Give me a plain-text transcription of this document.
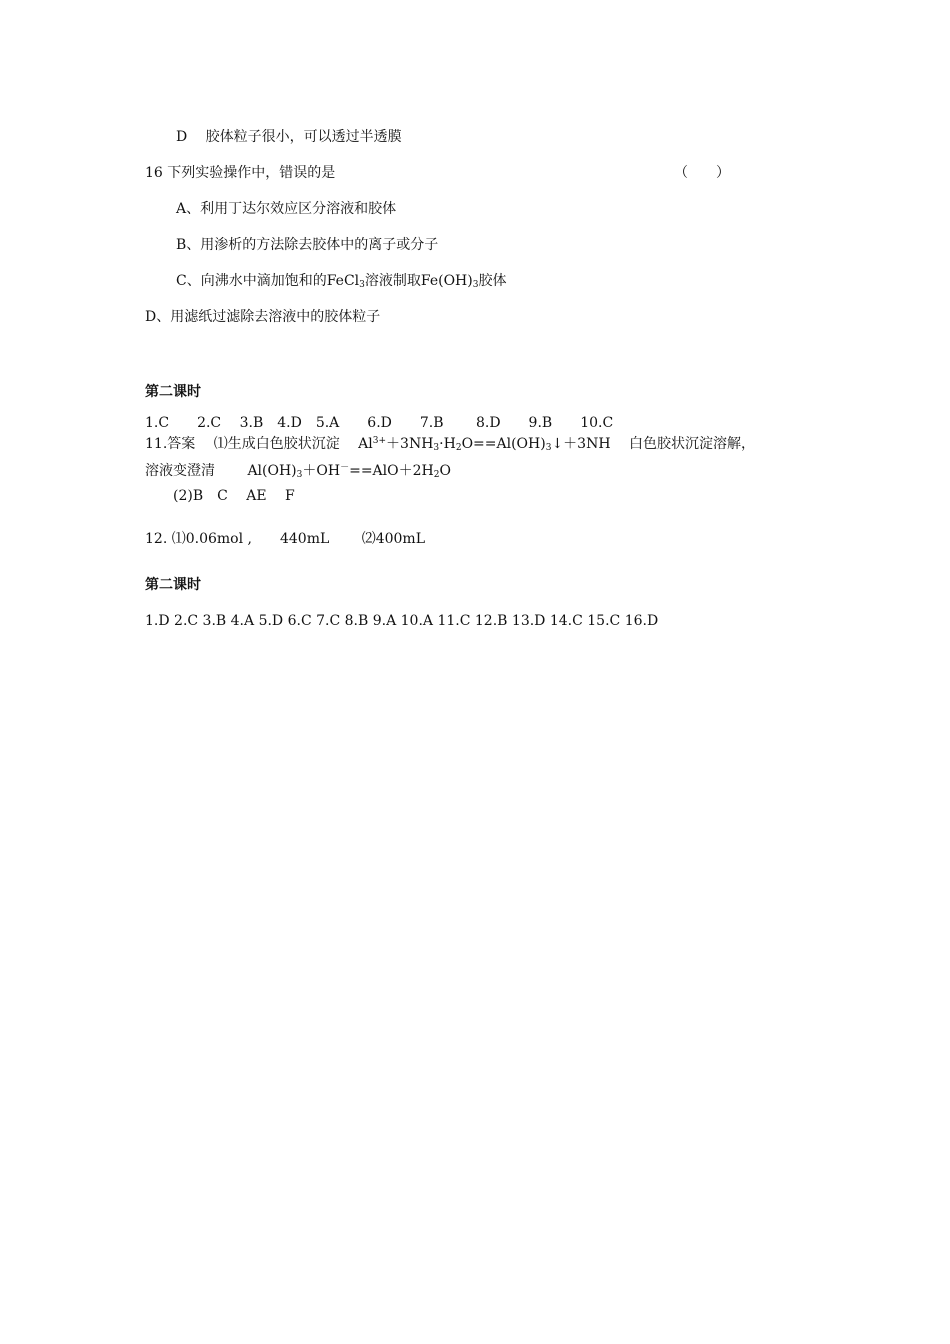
D　 胶体粒子很小，可以透过半透膜
16 下列实验操作中，错误的是	（　　）
A、利用丁达尔效应区分溶液和胶体
B、用渗析的方法除去胶体中的离子或分子
C、向沸水中滴加饱和的FeCl$_3$溶液制取$Fe(OH)_3$胶体
D、用滤纸过滤除去溶液中的胶体粒子
第二课时
1.C　　2.C　 3.B　4.D　5.A　　6.D　　7.B　　 8.D　　9.B　　10.C
11.答案　 ⑴生成白色胶状沉淀　 $Al^{3+}+3NH_3\cdot H_2O==Al(OH)_3↓+3NH$　 白色胶状沉淀溶解，
溶液变澄清　　 $Al(OH)_3+OH^-==AlO+2H_2O$
　　(2)B　C　 AE　 F
12. ⑴0.06mol ,　　440mL　　 ⑵400mL
第二课时
1.D 2.C 3.B 4.A 5.D 6.C 7.C 8.B 9.A 10.A 11.C 12.B 13.D 14.C 15.C 16.D
